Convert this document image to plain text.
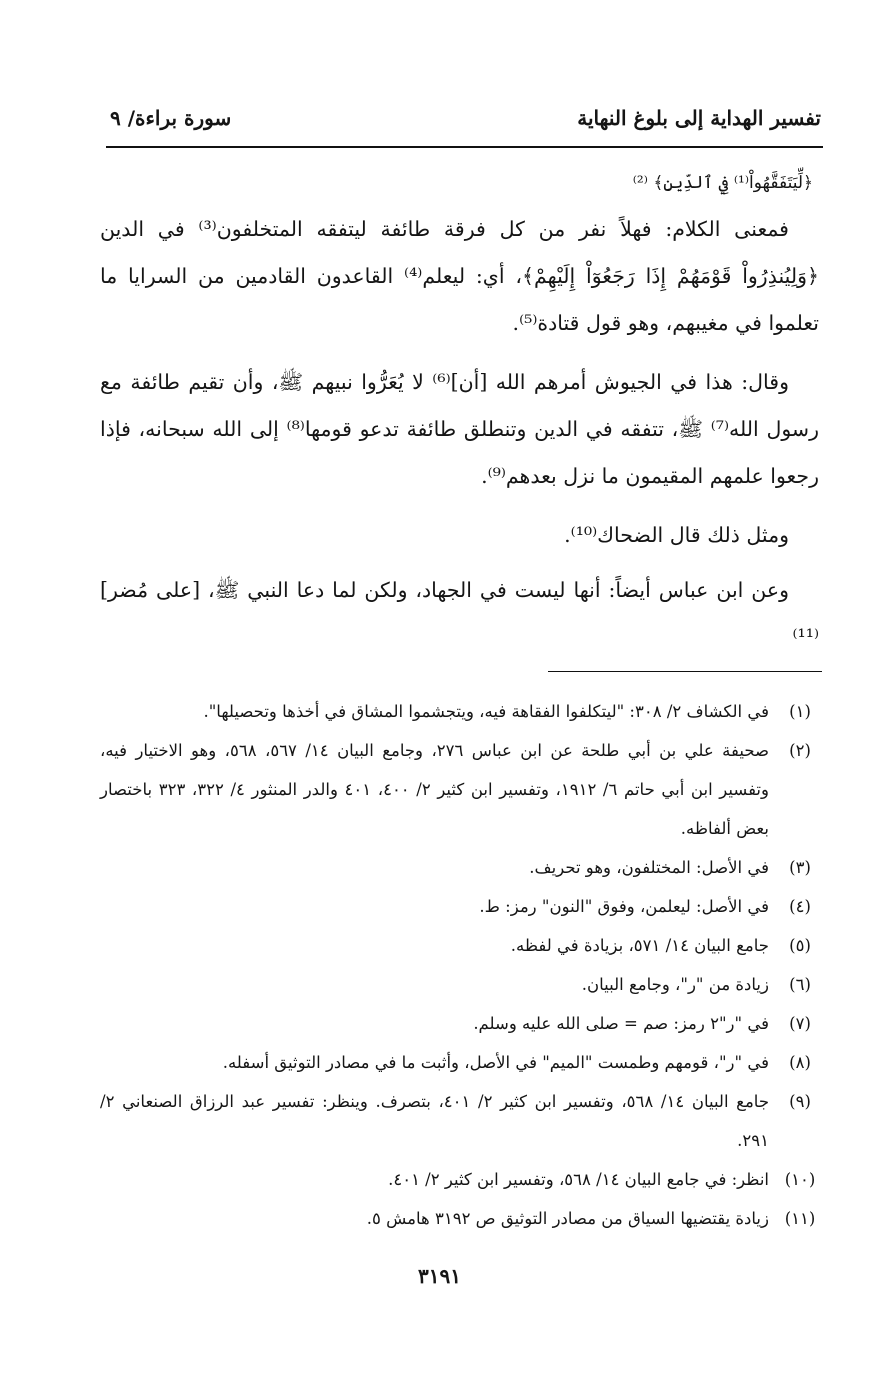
تفسير الهداية إلى بلوغ النهاية
سورة براءة/ ٩

﴿لِّيَتَفَقَّهُواْ⁽¹⁾ فِي ٱلدِّينِ﴾ ⁽²⁾

فمعنى الكلام: فهلاً نفر من كل فرقة طائفة ليتفقه المتخلفون⁽³⁾ في الدين ﴿وَلِيُنذِرُواْ قَوْمَهُمْ إِذَا رَجَعُوٓاْ إِلَيْهِمْ﴾، أي: ليعلم⁽⁴⁾ القاعدون القادمين من السرايا ما تعلموا في مغيبهم، وهو قول قتادة⁽⁵⁾.

وقال: هذا في الجيوش أمرهم الله [أن]⁽⁶⁾ لا يُعَرُّوا نبيهم ﷺ، وأن تقيم طائفة مع رسول الله⁽⁷⁾ ﷺ، تتفقه في الدين وتنطلق طائفة تدعو قومها⁽⁸⁾ إلى الله سبحانه، فإذا رجعوا علمهم المقيمون ما نزل بعدهم⁽⁹⁾.

ومثل ذلك قال الضحاك⁽¹⁰⁾.

وعن ابن عباس أيضاً: أنها ليست في الجهاد، ولكن لما دعا النبي ﷺ، [على مُضر]⁽¹¹⁾

(١)
في الكشاف ٢/ ٣٠٨: "ليتكلفوا الفقاهة فيه، ويتجشموا المشاق في أخذها وتحصيلها".
(٢)
صحيفة علي بن أبي طلحة عن ابن عباس ٢٧٦، وجامع البيان ١٤/ ٥٦٧، ٥٦٨، وهو الاختيار فيه، وتفسير ابن أبي حاتم ٦/ ١٩١٢، وتفسير ابن كثير ٢/ ٤٠٠، ٤٠١ والدر المنثور ٤/ ٣٢٢، ٣٢٣ باختصار بعض ألفاظه.
(٣)
في الأصل: المختلفون، وهو تحريف.
(٤)
في الأصل: ليعلمن، وفوق "النون" رمز: ط.
(٥)
جامع البيان ١٤/ ٥٧١، بزيادة في لفظه.
(٦)
زيادة من "ر"، وجامع البيان.
(٧)
في "ر"٢ رمز: صم = صلى الله عليه وسلم.
(٨)
في "ر"، قومهم وطمست "الميم" في الأصل، وأثبت ما في مصادر التوثيق أسفله.
(٩)
جامع البيان ١٤/ ٥٦٨، وتفسير ابن كثير ٢/ ٤٠١، بتصرف. وينظر: تفسير عبد الرزاق الصنعاني ٢/ ٢٩١.
(١٠)
انظر: في جامع البيان ١٤/ ٥٦٨، وتفسير ابن كثير ٢/ ٤٠١.
(١١)
زيادة يقتضيها السياق من مصادر التوثيق ص ٣١٩٢ هامش ٥.
٣١٩١
